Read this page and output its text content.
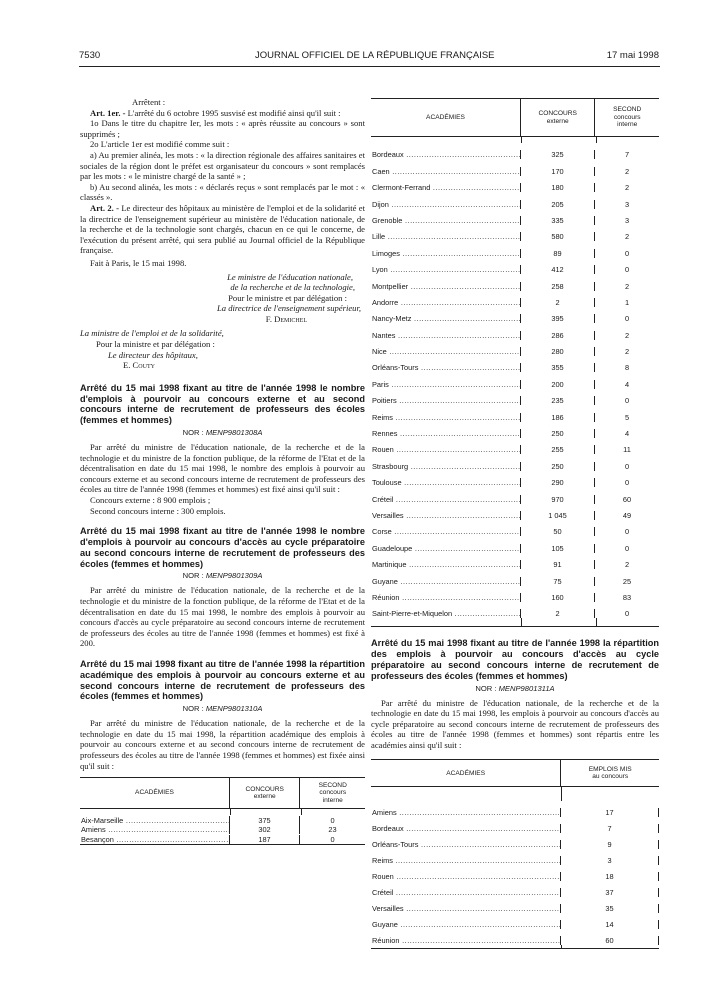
7530	JOURNAL OFFICIEL DE LA RÉPUBLIQUE FRANÇAISE	17 mai 1998

Arrêtent :

Art. 1er. - L'arrêté du 6 octobre 1995 susvisé est modifié ainsi qu'il suit :

1o Dans le titre du chapitre Ier, les mots : « après réussite au concours » sont supprimés ;

2o L'article 1er est modifié comme suit :

a) Au premier alinéa, les mots : « la direction régionale des affaires sanitaires et sociales de la région dont le préfet est organisateur du concours » sont remplacés par les mots : « le ministre chargé de la santé » ;

b) Au second alinéa, les mots : « déclarés reçus » sont remplacés par le mot : « classés ».

Art. 2. - Le directeur des hôpitaux au ministère de l'emploi et de la solidarité et la directrice de l'enseignement supérieur au ministère de l'éducation nationale, de la recherche et de la technologie sont chargés, chacun en ce qui le concerne, de l'exécution du présent arrêté, qui sera publié au Journal officiel de la République française.

Fait à Paris, le 15 mai 1998.

Le ministre de l'éducation nationale,

de la recherche et de la technologie,

Pour le ministre et par délégation :

La directrice de l'enseignement supérieur,

F. Demichel

La ministre de l'emploi et de la solidarité,

Pour la ministre et par délégation :

Le directeur des hôpitaux,

E. Couty

Arrêté du 15 mai 1998 fixant au titre de l'année 1998 le nombre d'emplois à pourvoir au concours externe et au second concours interne de recrutement de professeurs des écoles (femmes et hommes)

NOR : MENP9801308A

Par arrêté du ministre de l'éducation nationale, de la recherche et de la technologie et du ministre de la fonction publique, de la réforme de l'Etat et de la décentralisation en date du 15 mai 1998, le nombre des emplois à pourvoir au concours externe et au second concours interne de recrutement de professeurs des écoles au titre de l'année 1998 (femmes et hommes) est fixé ainsi qu'il suit :

Concours externe : 8 900 emplois ;

Second concours interne : 300 emplois.

Arrêté du 15 mai 1998 fixant au titre de l'année 1998 le nombre d'emplois à pourvoir au concours d'accès au cycle préparatoire au second concours interne de recrutement de professeurs des écoles (femmes et hommes)

NOR : MENP9801309A

Par arrêté du ministre de l'éducation nationale, de la recherche et de la technologie et du ministre de la fonction publique, de la réforme de l'Etat et de la décentralisation en date du 15 mai 1998, le nombre des emplois à pourvoir au concours d'accès au cycle préparatoire au second concours interne de recrutement de professeurs des écoles au titre de l'année 1998 (femmes et hommes) est fixé à 200.

Arrêté du 15 mai 1998 fixant au titre de l'année 1998 la répartition académique des emplois à pourvoir au concours externe et au second concours interne de recrutement de professeurs des écoles (femmes et hommes)

NOR : MENP9801310A

Par arrêté du ministre de l'éducation nationale, de la recherche et de la technologie en date du 15 mai 1998, la répartition académique des emplois à pourvoir au concours externe et au second concours interne de recrutement de professeurs des écoles au titre de l'année 1998 (femmes et hommes) est fixée ainsi qu'il suit :

ACADÉMIES
CONCOURS
externe
SECOND
concours
interne
Aix-Marseille .....	375	0
Amiens .....	302	23
Besançon .....	187	0
ACADÉMIES
CONCOURS
externe
SECOND
concours
interne
Bordeaux .....	325	7
Caen .....	170	2
Clermont-Ferrand .....	180	2
Dijon .....	205	3
Grenoble .....	335	3
Lille .....	580	2
Limoges .....	89	0
Lyon .....	412	0
Montpellier .....	258	2
Andorre .....	2	1
Nancy-Metz .....	395	0
Nantes .....	286	2
Nice .....	280	2
Orléans-Tours .....	355	8
Paris .....	200	4
Poitiers .....	235	0
Reims .....	186	5
Rennes .....	250	4
Rouen .....	255	11
Strasbourg .....	250	0
Toulouse .....	290	0
Créteil .....	970	60
Versailles .....	1 045	49
Corse .....	50	0
Guadeloupe .....	105	0
Martinique .....	91	2
Guyane .....	75	25
Réunion .....	160	83
Saint-Pierre-et-Miquelon .....	2	0
Arrêté du 15 mai 1998 fixant au titre de l'année 1998 la répartition des emplois à pourvoir au concours d'accès au cycle préparatoire au second concours interne de recrutement de professeurs des écoles (femmes et hommes)

NOR : MENP9801311A

Par arrêté du ministre de l'éducation nationale, de la recherche et de la technologie en date du 15 mai 1998, les emplois à pourvoir au concours d'accès au cycle préparatoire au second concours interne de recrutement de professeurs des écoles au titre de l'année 1998 (femmes et hommes) sont répartis entre les académies ainsi qu'il suit :

ACADÉMIES
EMPLOIS MIS
au concours
Amiens .....	17
Bordeaux .....	7
Orléans-Tours .....	9
Reims .....	3
Rouen .....	18
Créteil .....	37
Versailles .....	35
Guyane .....	14
Réunion .....	60
